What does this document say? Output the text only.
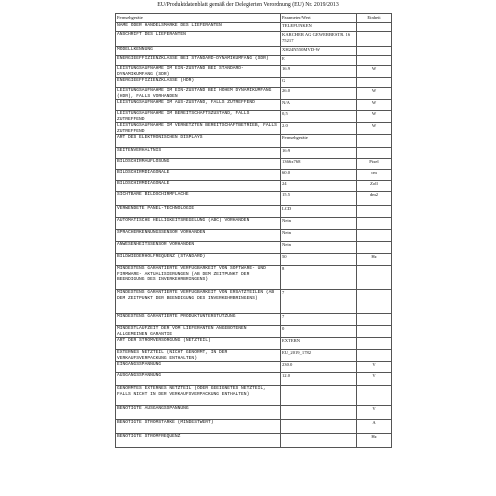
EU/Produktdatenblatt gemäß der Delegierten Verordnung (EU) Nr. 2019/2013
Fernsehgeräte	Parameter/Wert	Einheit
NAME ODER HANDELSMARKE DES LIEFERANTEN	TELEFUNKEN	
ANSCHRIFT DES LIEFERANTEN	KARCHER AG GEWERBESTR. 16 75217	
MODELLKENNUNG	XH24N550MVD-W	
ENERGIEEFFIZIENZKLASSE BEI STANDARD-DYNAMIKUMFANG (SDR)	E	
LEISTUNGSAUFNAHME IM EIN-ZUSTAND BEI STANDARD-DYNAMIKUMFANG (SDR)	16.9	W
ENERGIEEFFIZIENZKLASSE (HDR)	G	
LEISTUNGSAUFNAHME IM EIN-ZUSTAND BEI HOHEM DYNAMIKUMFANG (HDR), FALLS VORHANDEN	26.0	W
LEISTUNGSAUFNAHME IM AUS-ZUSTAND, FALLS ZUTREFFEND	N/A	W
LEISTUNGSAUFNAHME IM BEREITSCHAFTSZUSTAND, FALLS ZUTREFFEND	0,5	W
LEISTUNGSAUFNAHME IM VERNETZTEN BEREITSCHAFTBETRIEB, FALLS ZUTREFFEND	2.0	W
ART DES ELEKTRONISCHEN DISPLAYS	Fernsehgeräte	
SEITENVERHÄLTNIS	16:9	
BILDSCHIRMAUFLÖSUNG	1366x768	Pixel
BILDSCHIRMDIAGONALE	60.0	cm
BILDSCHIRMDIAGONALE	24	Zoll
SICHTBARE BILDSCHIRMFLÄCHE	15.5	dm2
VERWENDETE PANEL-TECHNOLOGIE	LCD	
AUTOMATISCHE HELLIGKEITSREGELUNG (ABC) VORHANDEN	Nein	
SPRACHERKENNUNGSSENSOR VORHANDEN	Nein	
ANWESENHEITSSENSOR VORHANDEN	Nein	
BILDWIEDERHOLFREQUENZ (STANDARD)	50	Hz
MINDESTENS GARANTIERTE VERFÜGBARKEIT VON SOFTWARE- UND FIRMWARE- AKTUALISIERUNGEN (AB DEM ZEITPUNKT DER BEENDIGUNG DES INVERKEHRBRINGENS)	8	
MINDESTENS GARANTIERTE VERFÜGBARKEIT VON ERSATZTEILEN (AB DEM ZEITPUNKT DER BEENDIGUNG DES INVERKEHRBRINGENS)	7	
MINDESTENS GARANTIERTE PRODUKTUNTERSTÜTZUNG	7	
MINDESTLAUFZEIT DER VOM LIEFERANTEN ANGEBOTENEN ALLGEMEINEN GARANTIE	0	
ART DER STROMVERSORGUNG (NETZTEIL)	EXTERN	
EXTERNES NETZTEIL (NICHT GENORMT, IN DER VERKAUFSVERPACKUNG ENTHALTEN)	EU_2019_1782	
EINGANGSSPANNUNG	230.0	V
AUSGANGSSPANNUNG	12.0	V
GENORMTES EXTERNES NETZTEIL (ODER GEEIGNETES NETZTEIL, FALLS NICHT IN DER VERKAUFSVERPACKUNG ENTHALTEN)		
BENÖTIGTE AUSGANGSSPANNUNG		V
BENÖTIGTE STROMSTÄRKE (MINDESTWERT)		A
BENÖTIGTE STROMFREQUENZ		Hz
